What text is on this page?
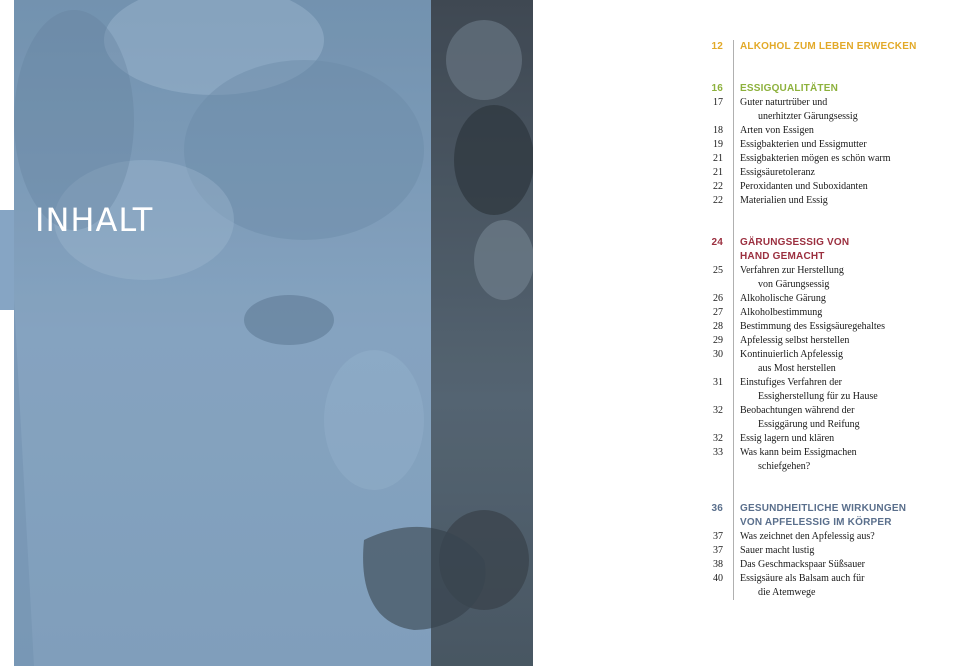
INHALT
12 ALKOHOL ZUM LEBEN ERWECKEN
16 ESSIGQUALITÄTEN
17 Guter naturtrüber und
unerhitzter Gärungsessig
18 Arten von Essigen
19 Essigbakterien und Essigmutter
21 Essigbakterien mögen es schön warm
21 Essigsäuretoleranz
22 Peroxidanten und Suboxidanten
22 Materialien und Essig
24 GÄRUNGSESSIG VON
HAND GEMACHT
25 Verfahren zur Herstellung
von Gärungsessig
26 Alkoholische Gärung
27 Alkoholbestimmung
28 Bestimmung des Essigsäuregehaltes
29 Apfelessig selbst herstellen
30 Kontinuierlich Apfelessig
aus Most herstellen
31 Einstufiges Verfahren der
Essigherstellung für zu Hause
32 Beobachtungen während der
Essiggärung und Reifung
32 Essig lagern und klären
33 Was kann beim Essigmachen
schiefgehen?
36 GESUNDHEITLICHE WIRKUNGEN
VON APFELESSIG IM KÖRPER
37 Was zeichnet den Apfelessig aus?
37 Sauer macht lustig
38 Das Geschmackspaar Süßsauer
40 Essigsäure als Balsam auch für
die Atemwege
